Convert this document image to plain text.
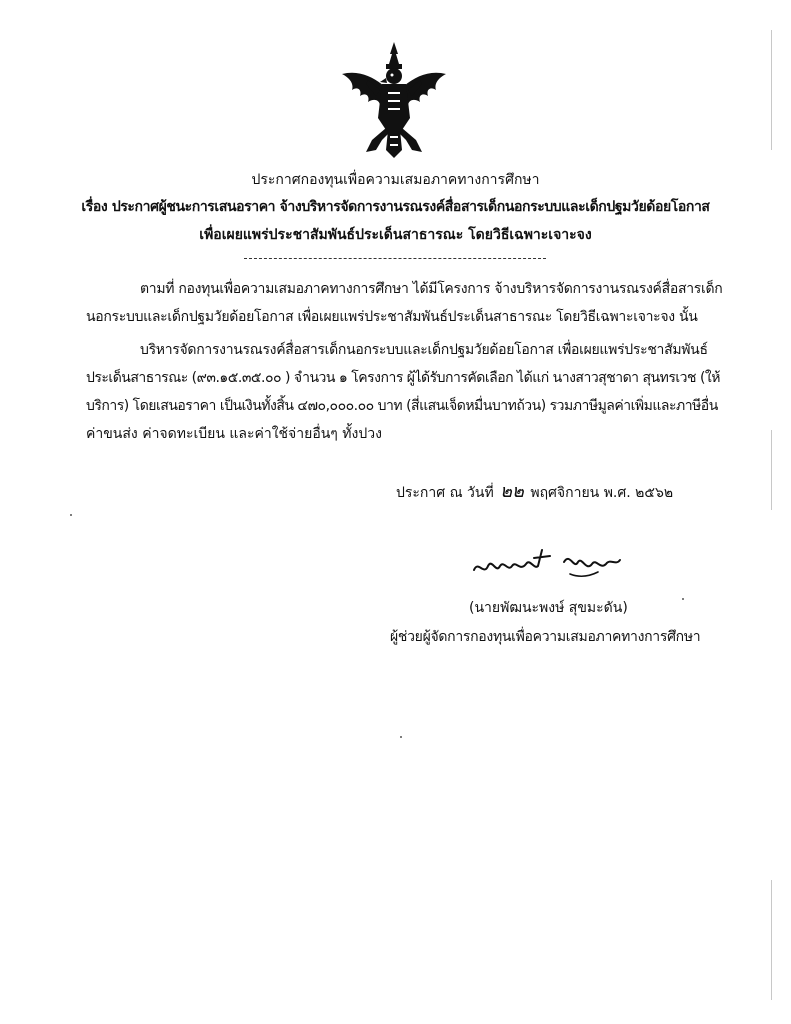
ประกาศกองทุนเพื่อความเสมอภาคทางการศึกษา
เรื่อง ประกาศผู้ชนะการเสนอราคา จ้างบริหารจัดการงานรณรงค์สื่อสารเด็กนอกระบบและเด็กปฐมวัยด้อยโอกาส
เพื่อเผยแพร่ประชาสัมพันธ์ประเด็นสาธารณะ โดยวิธีเฉพาะเจาะจง
ตามที่ กองทุนเพื่อความเสมอภาคทางการศึกษา ได้มีโครงการ จ้างบริหารจัดการงานรณรงค์สื่อสารเด็ก
นอกระบบและเด็กปฐมวัยด้อยโอกาส เพื่อเผยแพร่ประชาสัมพันธ์ประเด็นสาธารณะ โดยวิธีเฉพาะเจาะจง นั้น
บริหารจัดการงานรณรงค์สื่อสารเด็กนอกระบบและเด็กปฐมวัยด้อยโอกาส เพื่อเผยแพร่ประชาสัมพันธ์
ประเด็นสาธารณะ (๙๓.๑๕.๓๕.๐๐ ) จำนวน ๑ โครงการ ผู้ได้รับการคัดเลือก ได้แก่ นางสาวสุชาดา สุนทรเวช (ให้
บริการ) โดยเสนอราคา เป็นเงินทั้งสิ้น ๔๗๐,๐๐๐.๐๐ บาท (สี่แสนเจ็ดหมื่นบาทถ้วน) รวมภาษีมูลค่าเพิ่มและภาษีอื่น
ค่าขนส่ง ค่าจดทะเบียน และค่าใช้จ่ายอื่นๆ ทั้งปวง
ประกาศ ณ วันที่ ๒๒ พฤศจิกายน พ.ศ. ๒๕๖๒
(นายพัฒนะพงษ์ สุขมะดัน)
ผู้ช่วยผู้จัดการกองทุนเพื่อความเสมอภาคทางการศึกษา
